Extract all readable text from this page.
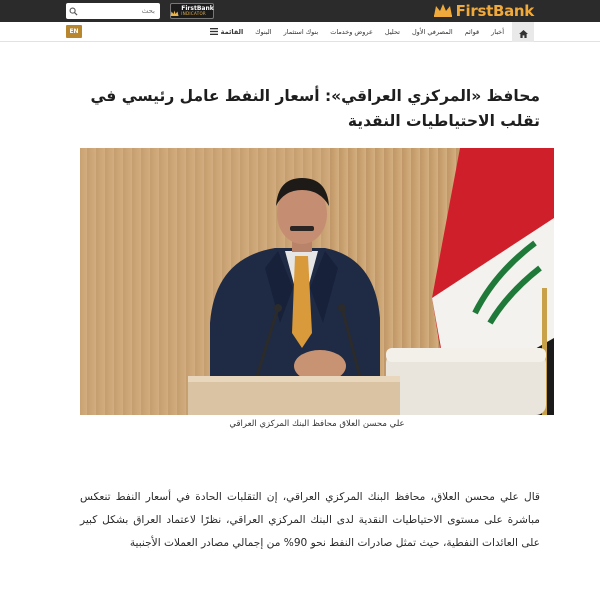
بحث
FirstBank
INDICATOR	FirstBank
أخبار
قوائم
المصرفي الأول
تحليل
عروض وخدمات
بنوك استثمار
البنوك
القائمة
EN
محافظ «المركزي العراقي»: أسعار النفط عامل رئيسي في تقلب الاحتياطيات النقدية
علي محسن العلاق محافظ البنك المركزي العراقي

قال علي محسن العلاق، محافظ البنك المركزي العراقي، إن التقلبات الحادة في أسعار النفط تنعكس مباشرة على مستوى الاحتياطيات النقدية لدى البنك المركزي العراقي، نظرًا لاعتماد العراق بشكل كبير على العائدات النفطية، حيث تمثل صادرات النفط نحو 90% من إجمالي مصادر العملات الأجنبية
